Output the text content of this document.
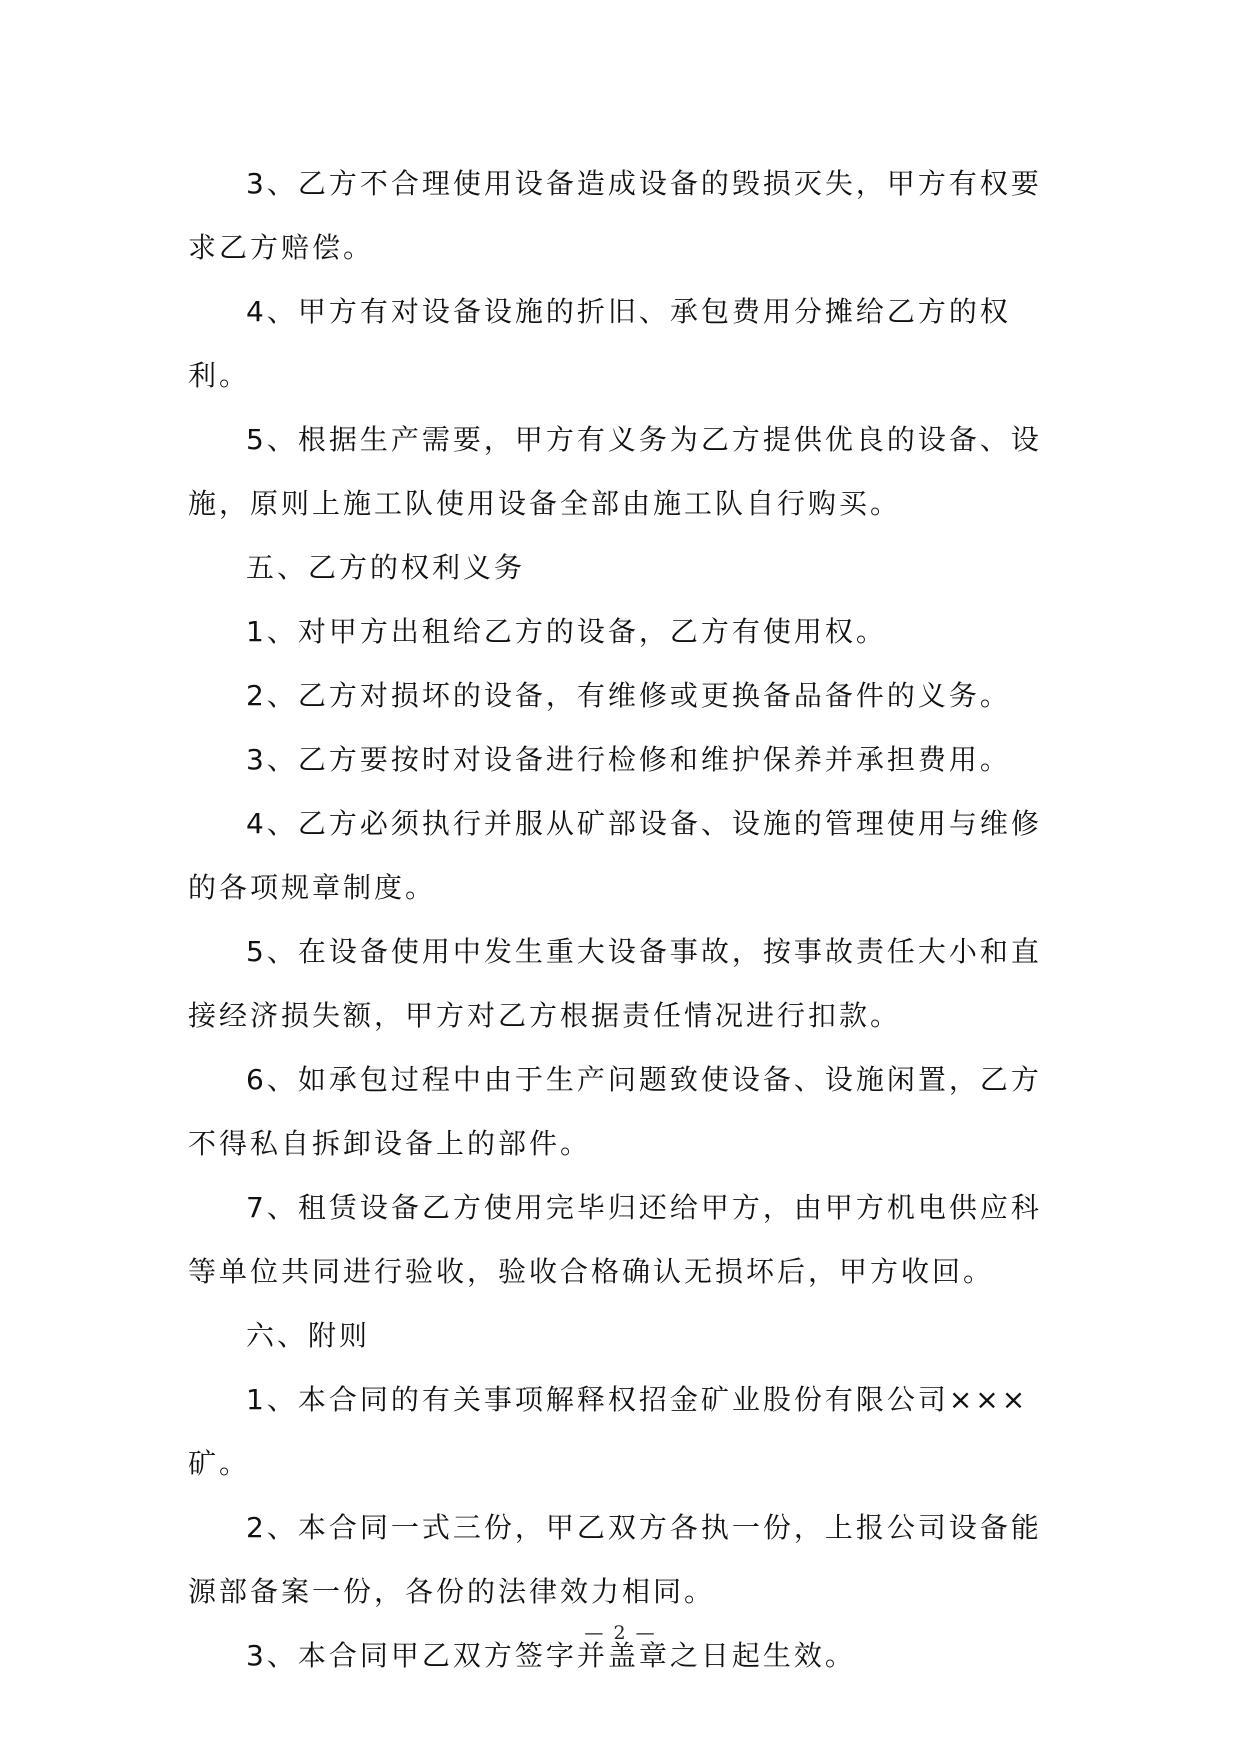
3、乙方不合理使用设备造成设备的毁损灭失，甲方有权要求乙方赔偿。

4、甲方有对设备设施的折旧、承包费用分摊给乙方的权利。

5、根据生产需要，甲方有义务为乙方提供优良的设备、设施，原则上施工队使用设备全部由施工队自行购买。

五、乙方的权利义务

1、对甲方出租给乙方的设备，乙方有使用权。

2、乙方对损坏的设备，有维修或更换备品备件的义务。

3、乙方要按时对设备进行检修和维护保养并承担费用。

4、乙方必须执行并服从矿部设备、设施的管理使用与维修的各项规章制度。

5、在设备使用中发生重大设备事故，按事故责任大小和直接经济损失额，甲方对乙方根据责任情况进行扣款。

6、如承包过程中由于生产问题致使设备、设施闲置，乙方不得私自拆卸设备上的部件。

7、租赁设备乙方使用完毕归还给甲方，由甲方机电供应科等单位共同进行验收，验收合格确认无损坏后，甲方收回。

六、附则

1、本合同的有关事项解释权招金矿业股份有限公司×××矿。

2、本合同一式三份，甲乙双方各执一份，上报公司设备能源部备案一份，各份的法律效力相同。

3、本合同甲乙双方签字并盖章之日起生效。

— 2 —
